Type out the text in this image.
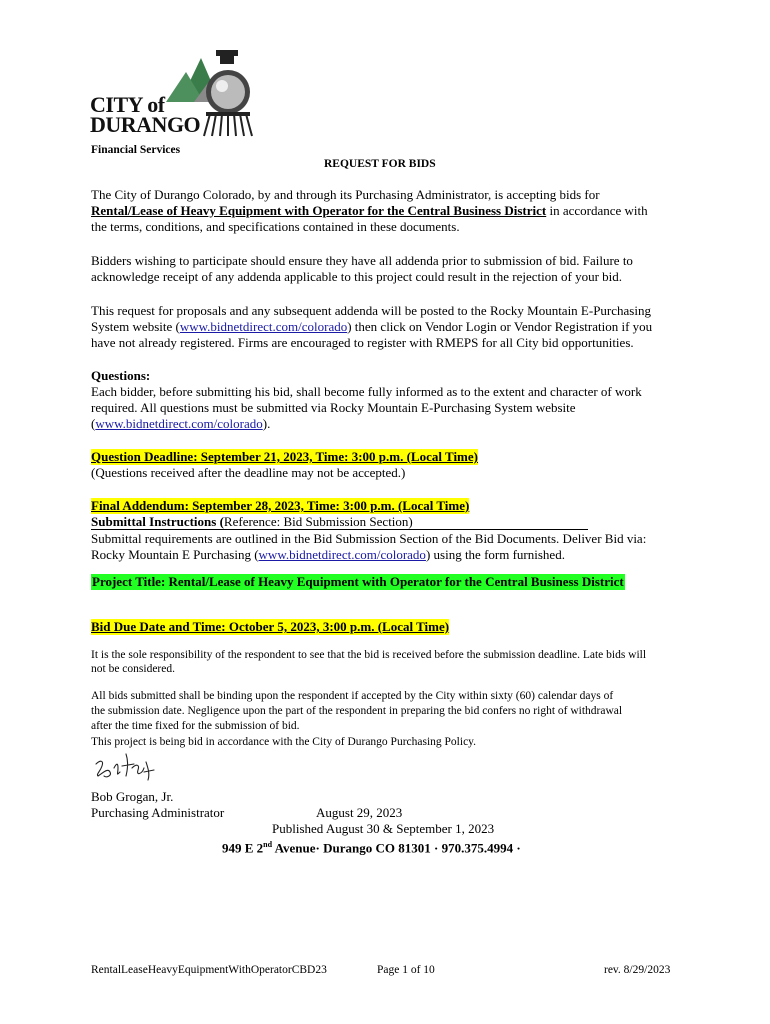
CITY of
DURANGO
Financial Services
REQUEST FOR BIDS
The City of Durango Colorado, by and through its Purchasing Administrator, is accepting bids for
Rental/Lease of Heavy Equipment with Operator for the Central Business District in accordance with
the terms, conditions, and specifications contained in these documents.
Bidders wishing to participate should ensure they have all addenda prior to submission of bid. Failure to
acknowledge receipt of any addenda applicable to this project could result in the rejection of your bid.
This request for proposals and any subsequent addenda will be posted to the Rocky Mountain E-Purchasing
System website (www.bidnetdirect.com/colorado) then click on Vendor Login or Vendor Registration if you
have not already registered. Firms are encouraged to register with RMEPS for all City bid opportunities.
Questions:
Each bidder, before submitting his bid, shall become fully informed as to the extent and character of work
required. All questions must be submitted via Rocky Mountain E-Purchasing System website
(www.bidnetdirect.com/colorado).
Question Deadline: September 21, 2023, Time: 3:00 p.m. (Local Time)
(Questions received after the deadline may not be accepted.)
Final Addendum: September 28, 2023, Time: 3:00 p.m. (Local Time)
Submittal Instructions (Reference: Bid Submission Section)
Submittal requirements are outlined in the Bid Submission Section of the Bid Documents. Deliver Bid via:
Rocky Mountain E Purchasing (www.bidnetdirect.com/colorado) using the form furnished.
Project Title: Rental/Lease of Heavy Equipment with Operator for the Central Business District
Bid Due Date and Time: October 5, 2023, 3:00 p.m. (Local Time)
It is the sole responsibility of the respondent to see that the bid is received before the submission deadline. Late bids will
not be considered.
All bids submitted shall be binding upon the respondent if accepted by the City within sixty (60) calendar days of
the submission date. Negligence upon the part of the respondent in preparing the bid confers no right of withdrawal
after the time fixed for the submission of bid.
This project is being bid in accordance with the City of Durango Purchasing Policy.
Bob Grogan, Jr.
Purchasing Administrator	August 29, 2023
Published August 30 & September 1, 2023
949 E 2nd Avenue· Durango CO 81301 · 970.375.4994 ·
RentalLeaseHeavyEquipmentWithOperatorCBD23	Page 1 of 10	rev. 8/29/2023
